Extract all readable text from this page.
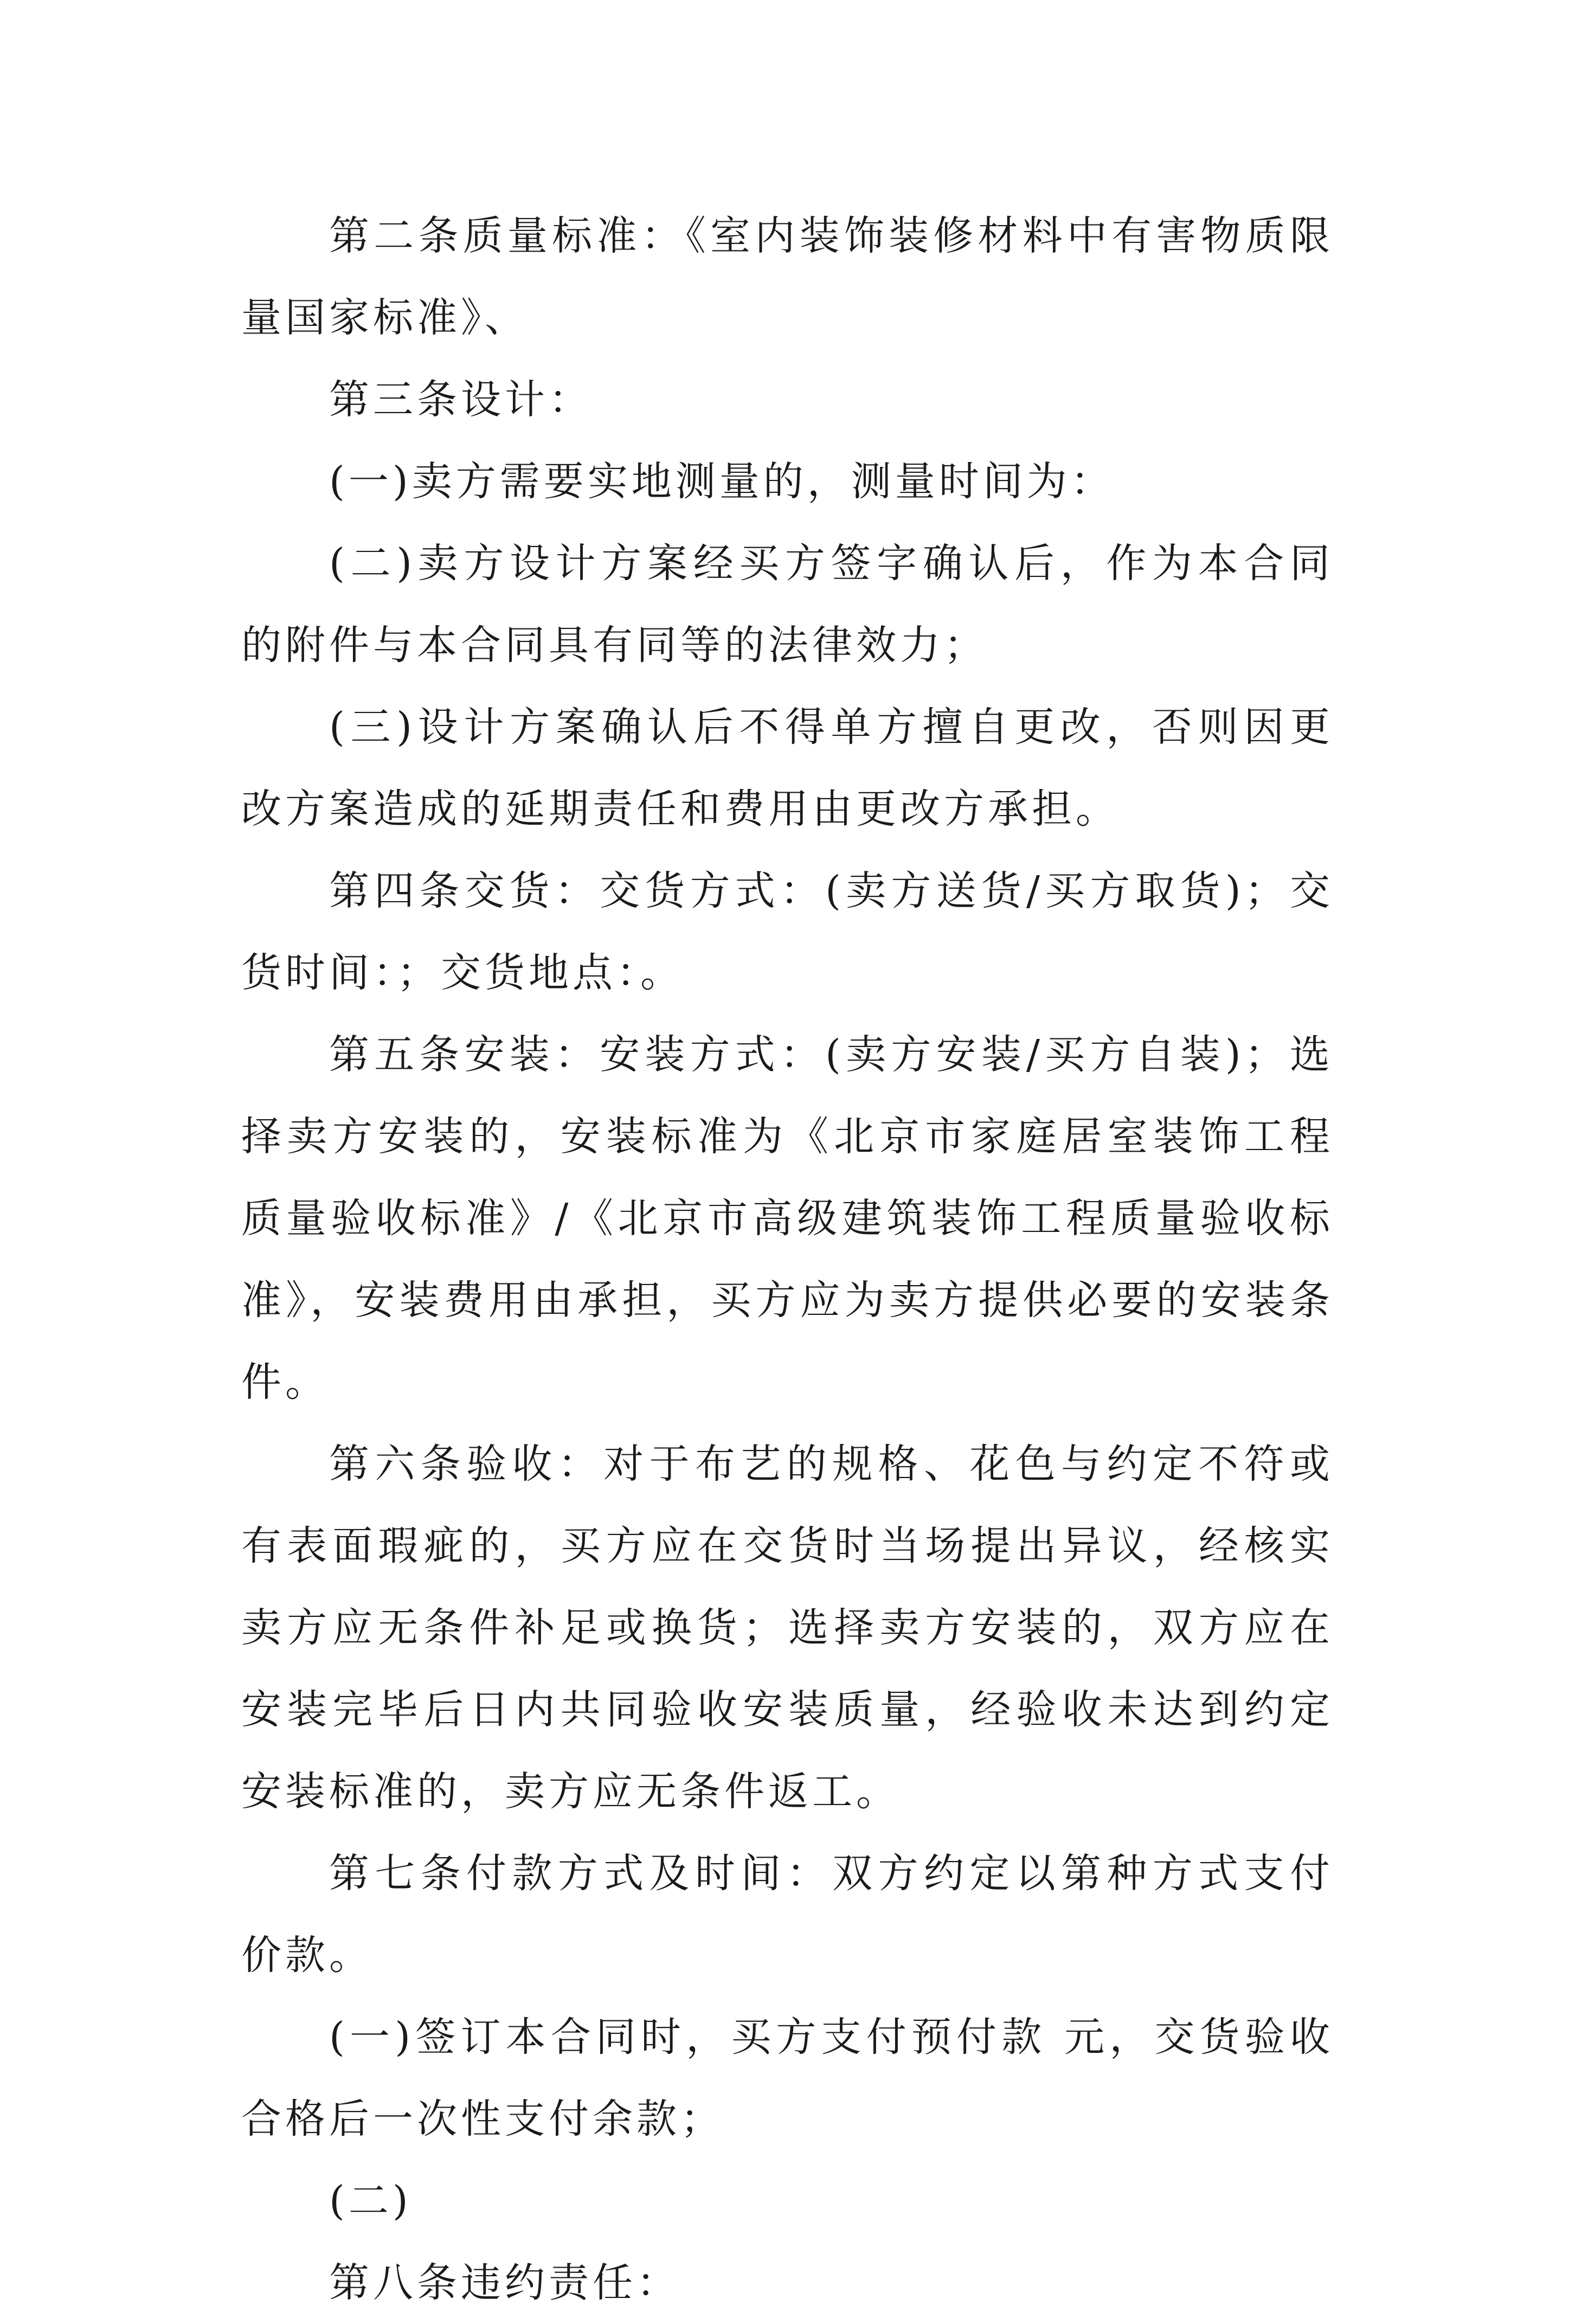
第二条质量标准：《室内装饰装修材料中有害物质限量国家标准》、

第三条设计：

(一)卖方需要实地测量的，测量时间为：

(二)卖方设计方案经买方签字确认后，作为本合同的附件与本合同具有同等的法律效力；

(三)设计方案确认后不得单方擅自更改，否则因更改方案造成的延期责任和费用由更改方承担。

第四条交货：交货方式：(卖方送货/买方取货)；交货时间：；交货地点：。

第五条安装：安装方式：(卖方安装/买方自装)；选择卖方安装的，安装标准为《北京市家庭居室装饰工程质量验收标准》/《北京市高级建筑装饰工程质量验收标准》，安装费用由承担，买方应为卖方提供必要的安装条件。

第六条验收：对于布艺的规格、花色与约定不符或有表面瑕疵的，买方应在交货时当场提出异议，经核实卖方应无条件补足或换货；选择卖方安装的，双方应在安装完毕后日内共同验收安装质量，经验收未达到约定安装标准的，卖方应无条件返工。

第七条付款方式及时间：双方约定以第种方式支付价款。

(一)签订本合同时，买方支付预付款 元，交货验收合格后一次性支付余款；

(二)

第八条违约责任：
